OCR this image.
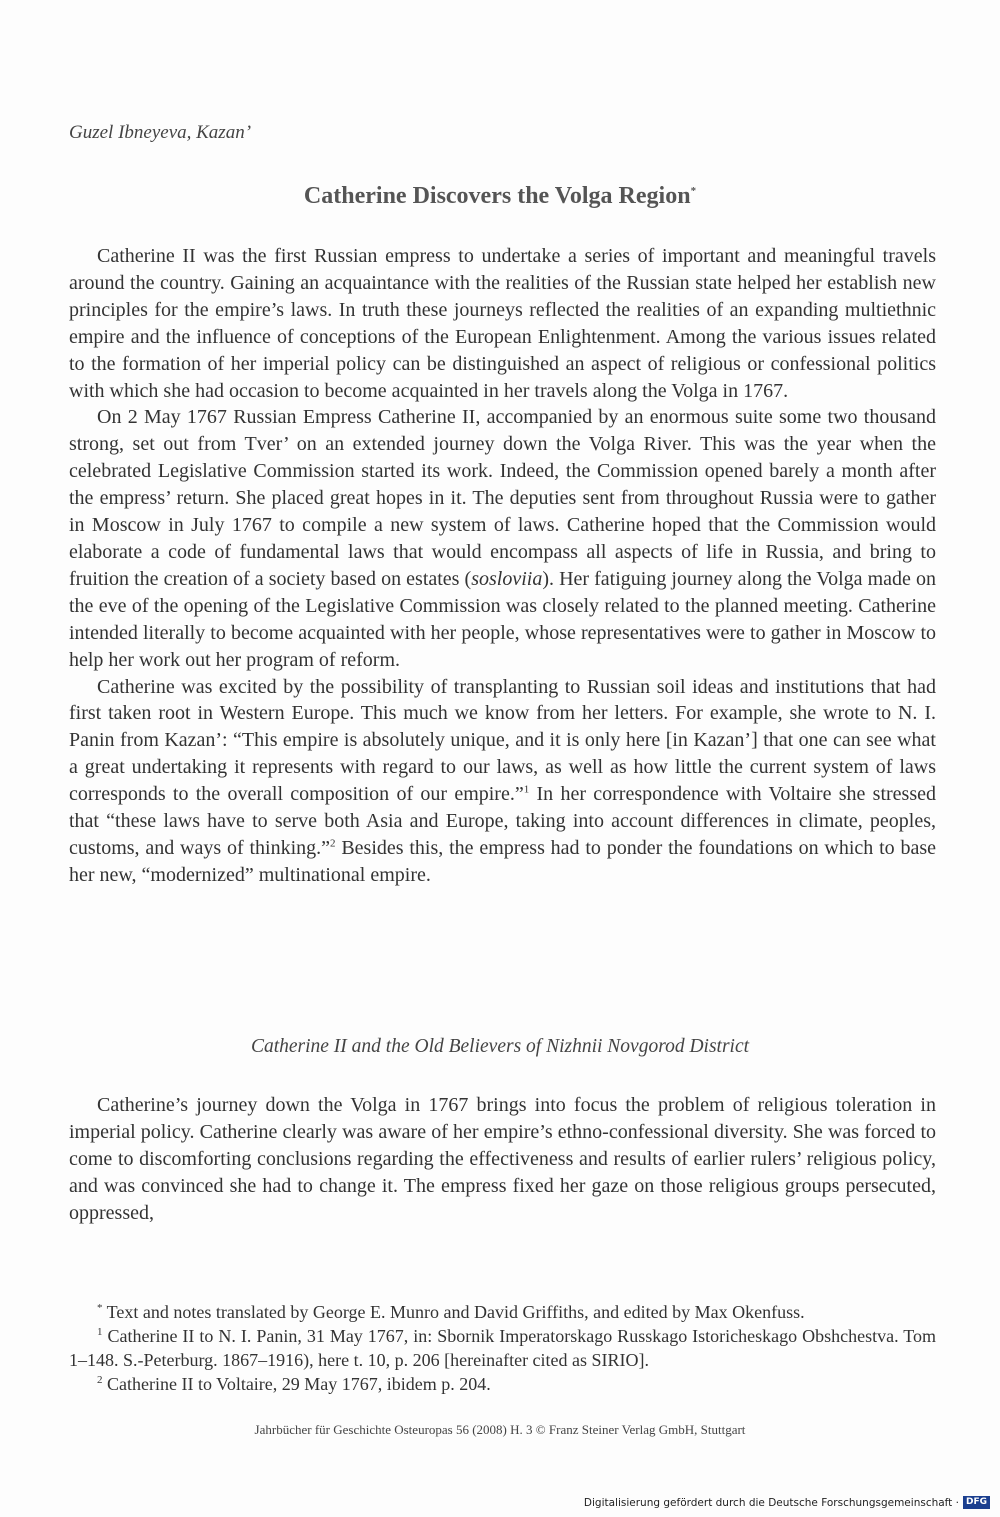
Guzel Ibneyeva, Kazan’
Catherine Discovers the Volga Region*

Catherine II was the first Russian empress to undertake a series of important and meaningful travels around the country. Gaining an acquaintance with the realities of the Russian state helped her establish new principles for the empire’s laws. In truth these journeys reflected the realities of an expanding multiethnic empire and the influence of conceptions of the European Enlightenment. Among the various issues related to the formation of her imperial policy can be distinguished an aspect of religious or confessional politics with which she had occasion to become acquainted in her travels along the Volga in 1767.

On 2 May 1767 Russian Empress Catherine II, accompanied by an enormous suite some two thousand strong, set out from Tver’ on an extended journey down the Volga River. This was the year when the celebrated Legislative Commission started its work. Indeed, the Commission opened barely a month after the empress’ return. She placed great hopes in it. The deputies sent from throughout Russia were to gather in Moscow in July 1767 to compile a new system of laws. Catherine hoped that the Commission would elaborate a code of fundamental laws that would encompass all aspects of life in Russia, and bring to fruition the creation of a society based on estates (sosloviia). Her fatiguing journey along the Volga made on the eve of the opening of the Legislative Commission was closely related to the planned meeting. Catherine intended literally to become acquainted with her people, whose representatives were to gather in Moscow to help her work out her program of reform.

Catherine was excited by the possibility of transplanting to Russian soil ideas and institutions that had first taken root in Western Europe. This much we know from her letters. For example, she wrote to N. I. Panin from Kazan’: “This empire is absolutely unique, and it is only here [in Kazan’] that one can see what a great undertaking it represents with regard to our laws, as well as how little the current system of laws corresponds to the overall composition of our empire.”$^1$ In her correspondence with Voltaire she stressed that “these laws have to serve both Asia and Europe, taking into account differences in climate, peoples, customs, and ways of thinking.”$^2$ Besides this, the empress had to ponder the foundations on which to base her new, “modernized” multinational empire.

Catherine II and the Old Believers of Nizhnii Novgorod District

Catherine’s journey down the Volga in 1767 brings into focus the problem of religious toleration in imperial policy. Catherine clearly was aware of her empire’s ethno-confessional diversity. She was forced to come to discomforting conclusions regarding the effectiveness and results of earlier rulers’ religious policy, and was convinced she had to change it. The empress fixed her gaze on those religious groups persecuted, oppressed,

* Text and notes translated by George E. Munro and David Griffiths, and edited by Max Okenfuss.

$^1$ Catherine II to N. I. Panin, 31 May 1767, in: Sbornik Imperatorskago Russkago Istoricheskago Obshchestva. Tom 1–148. S.-Peterburg. 1867–1916), here t. 10, p. 206 [hereinafter cited as SIRIO].

$^2$ Catherine II to Voltaire, 29 May 1767, ibidem p. 204.

Jahrbücher für Geschichte Osteuropas 56 (2008) H. 3 © Franz Steiner Verlag GmbH, Stuttgart
Digitalisierung gefördert durch die Deutsche Forschungsgemeinschaft · DFG
